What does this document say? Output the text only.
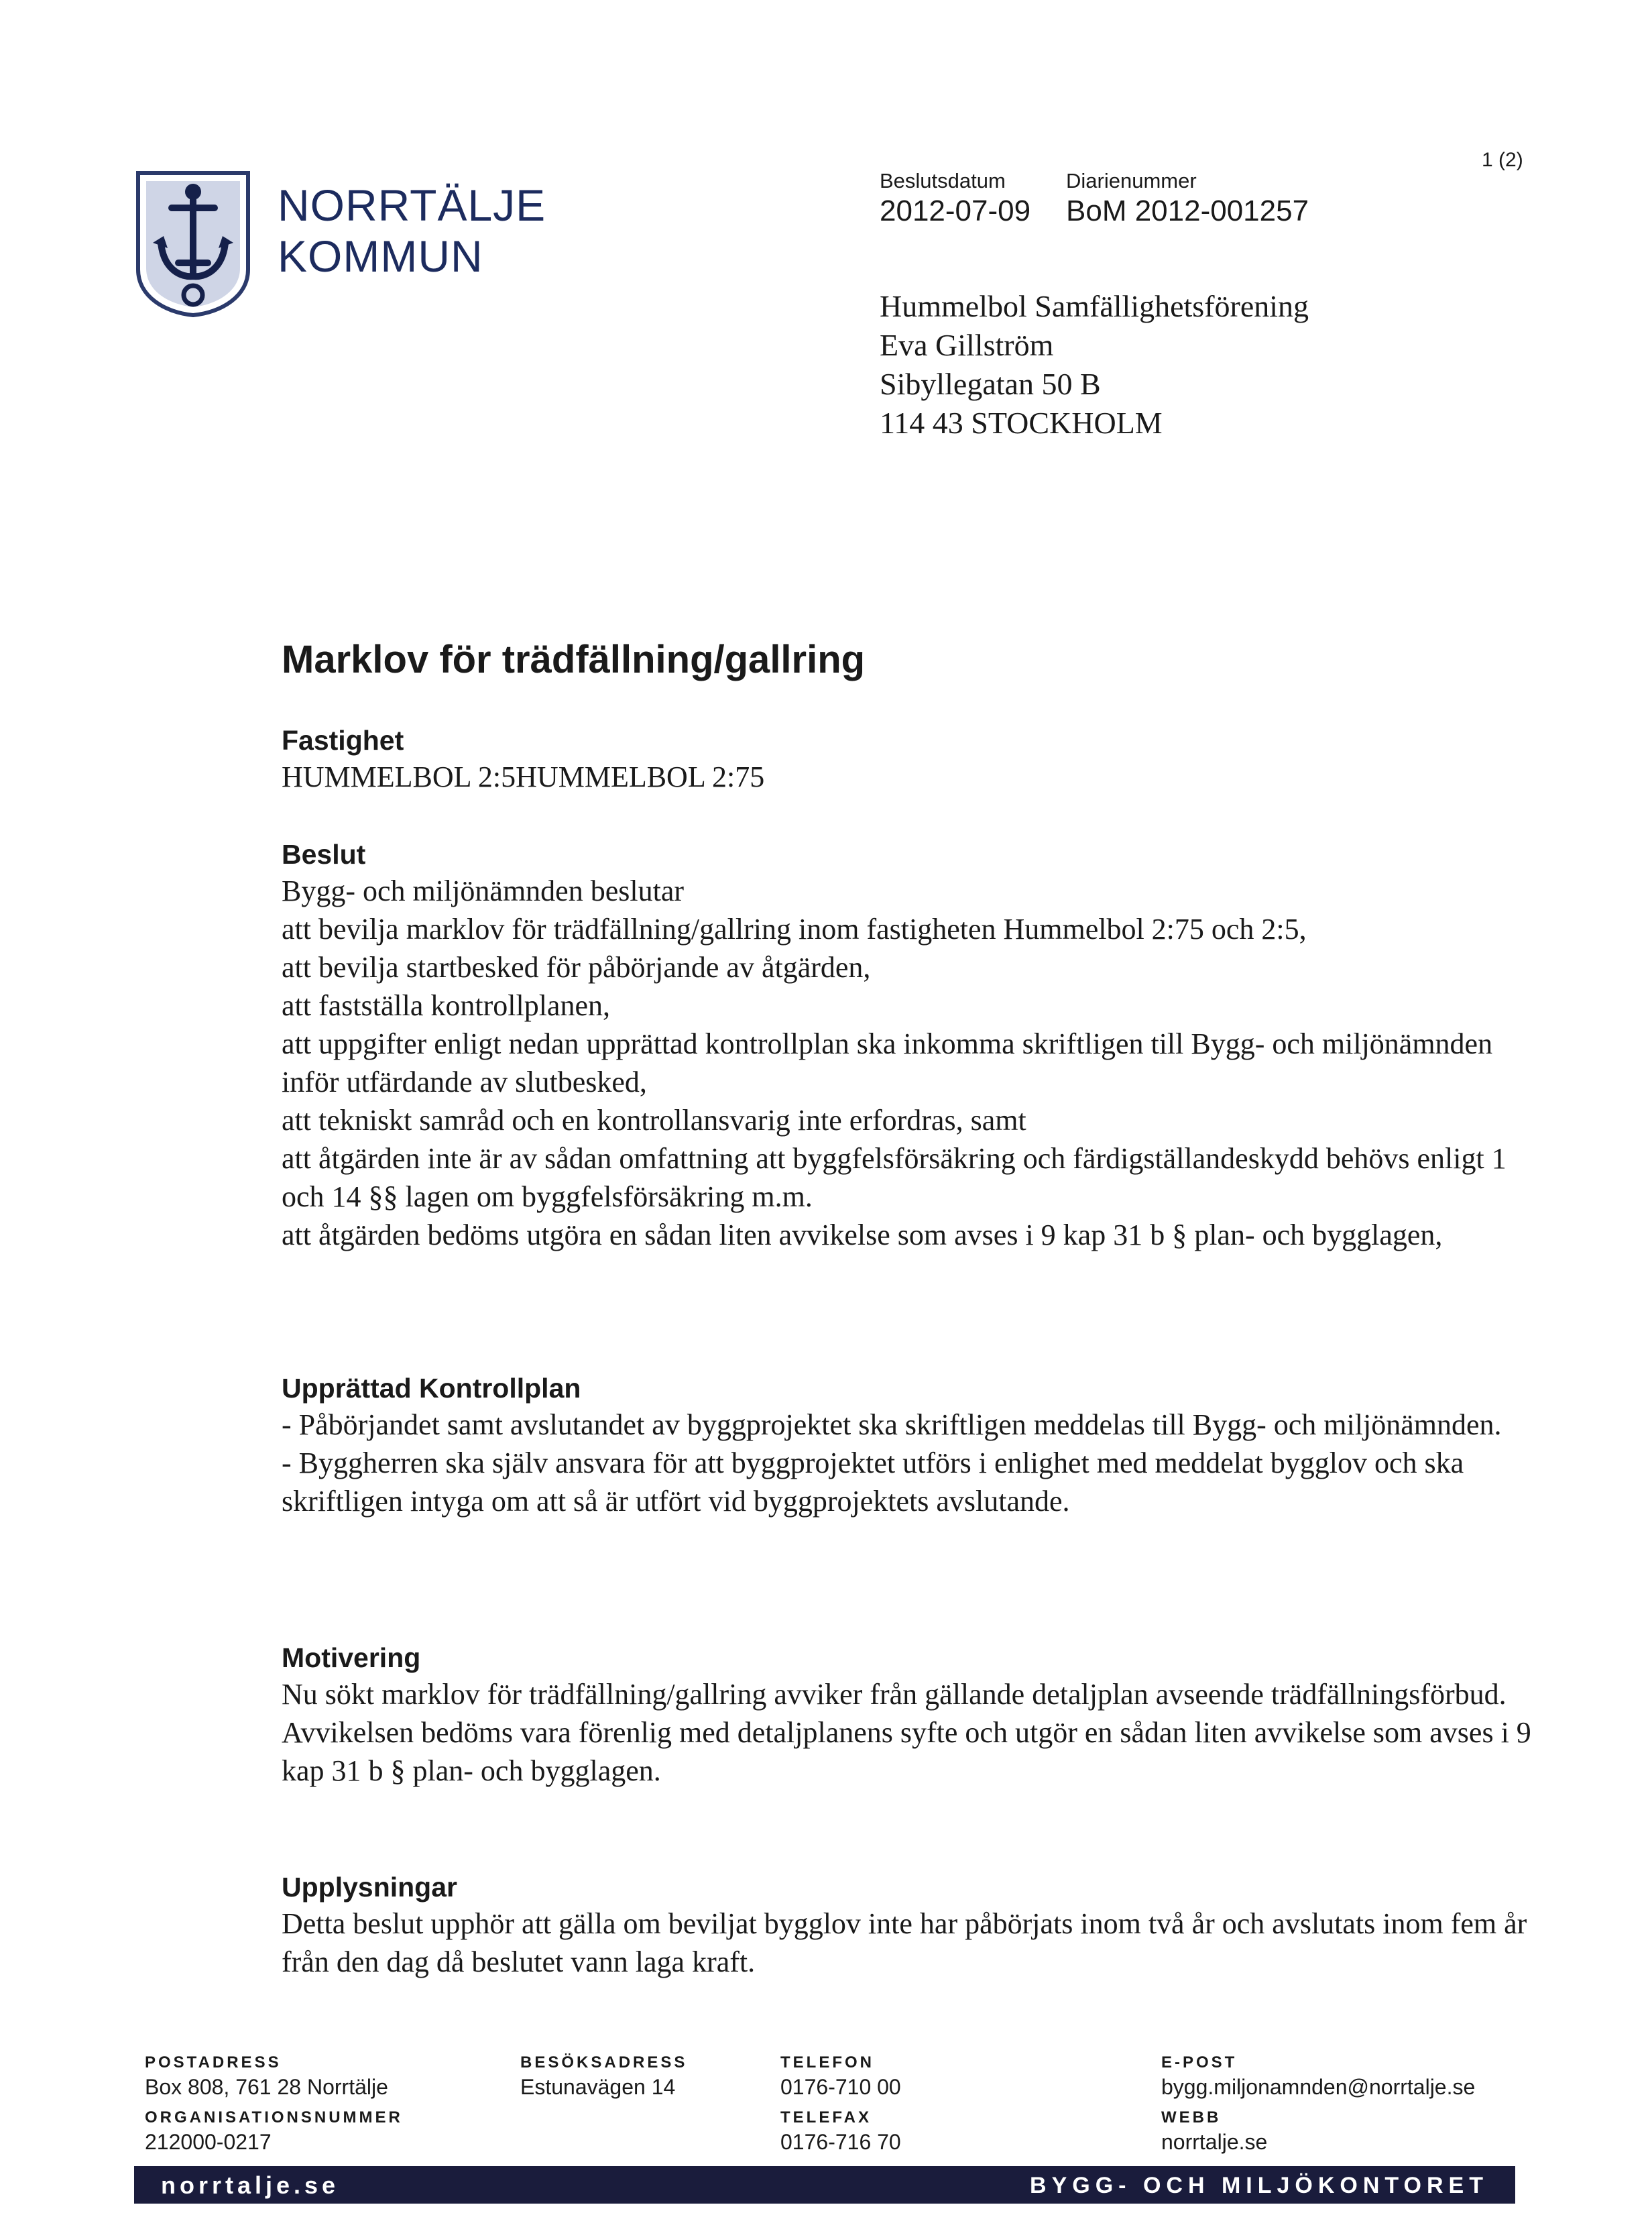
NORRTÄLJE
KOMMUN
1 (2)
Beslutsdatum
2012-07-09
Diarienummer
BoM 2012-001257
Hummelbol Samfällighetsförening
Eva Gillström
Sibyllegatan 50 B
114 43 STOCKHOLM
Marklov för trädfällning/gallring
Fastighet
HUMMELBOL 2:5HUMMELBOL 2:75
Beslut
Bygg- och miljönämnden beslutar
att bevilja marklov för trädfällning/gallring inom fastigheten Hummelbol 2:75 och 2:5,
att bevilja startbesked för påbörjande av åtgärden,
att fastställa kontrollplanen,
att uppgifter enligt nedan upprättad kontrollplan ska inkomma skriftligen till Bygg- och miljönämnden inför utfärdande av slutbesked,
att tekniskt samråd och en kontrollansvarig inte erfordras, samt
att åtgärden inte är av sådan omfattning att byggfelsförsäkring och färdigställandeskydd behövs enligt 1 och 14 §§ lagen om byggfelsförsäkring m.m.
att åtgärden bedöms utgöra en sådan liten avvikelse som avses i 9 kap 31 b § plan- och bygglagen,
Upprättad Kontrollplan
- Påbörjandet samt avslutandet av byggprojektet ska skriftligen meddelas till Bygg- och miljönämnden.
- Byggherren ska själv ansvara för att byggprojektet utförs i enlighet med meddelat bygglov och ska skriftligen intyga om att så är utfört vid byggprojektets avslutande.
Motivering
Nu sökt marklov för trädfällning/gallring avviker från gällande detaljplan avseende trädfällningsförbud. Avvikelsen bedöms vara förenlig med detaljplanens syfte och utgör en sådan liten avvikelse som avses i 9 kap 31 b § plan- och bygglagen.
Upplysningar
Detta beslut upphör att gälla om beviljat bygglov inte har påbörjats inom två år och avslutats inom fem år från den dag då beslutet vann laga kraft.
POSTADRESS
Box 808, 761 28 Norrtälje
ORGANISATIONSNUMMER
212000-0217
BESÖKSADRESS
Estunavägen 14
TELEFON
0176-710 00
TELEFAX
0176-716 70
E-POST
bygg.miljonamnden@norrtalje.se
WEBB
norrtalje.se
norrtalje.se	BYGG- OCH MILJÖKONTORET
